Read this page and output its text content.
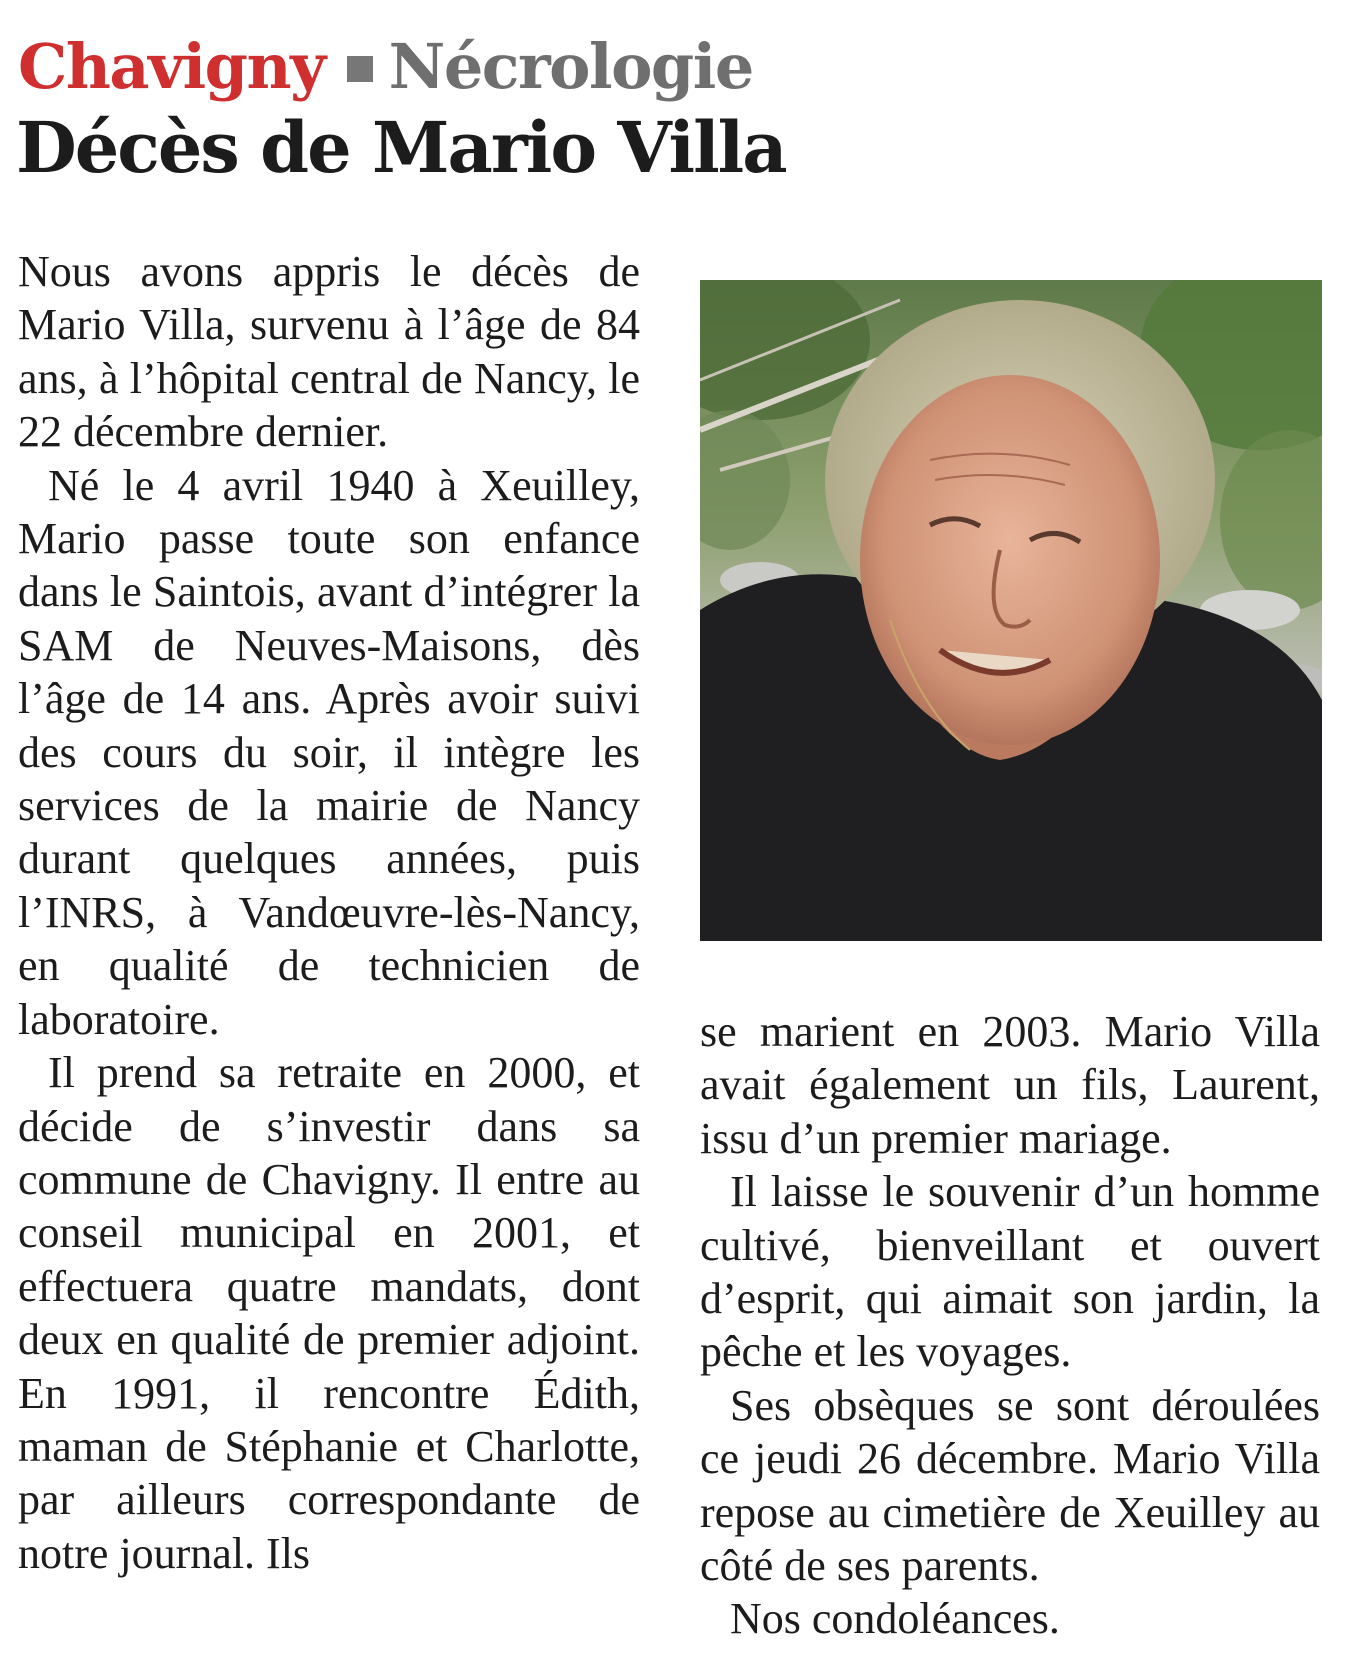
Chavigny Nécrologie
Décès de Mario Villa

Nous avons appris le décès de Mario Villa, survenu à l’âge de 84 ans, à l’hôpital central de Nancy, le 22 décembre dernier.

Né le 4 avril 1940 à Xeuilley, Mario passe toute son enfance dans le Saintois, avant d’intégrer la SAM de Neuves-Maisons, dès l’âge de 14 ans. Après avoir suivi des cours du soir, il intègre les services de la mairie de Nancy durant quelques années, puis l’INRS, à Vandœuvre-lès-Nancy, en qualité de technicien de laboratoire.

Il prend sa retraite en 2000, et décide de s’investir dans sa commune de Chavigny. Il entre au conseil municipal en 2001, et effectuera quatre mandats, dont deux en qualité de premier adjoint. En 1991, il rencontre Édith, maman de Stéphanie et Charlotte, par ailleurs correspondante de notre journal. Ils

se marient en 2003. Mario Villa avait également un fils, Laurent, issu d’un premier mariage.

Il laisse le souvenir d’un homme cultivé, bienveillant et ouvert d’esprit, qui aimait son jardin, la pêche et les voyages.

Ses obsèques se sont déroulées ce jeudi 26 décembre. Mario Villa repose au cimetière de Xeuilley au côté de ses parents.

Nos condoléances.
